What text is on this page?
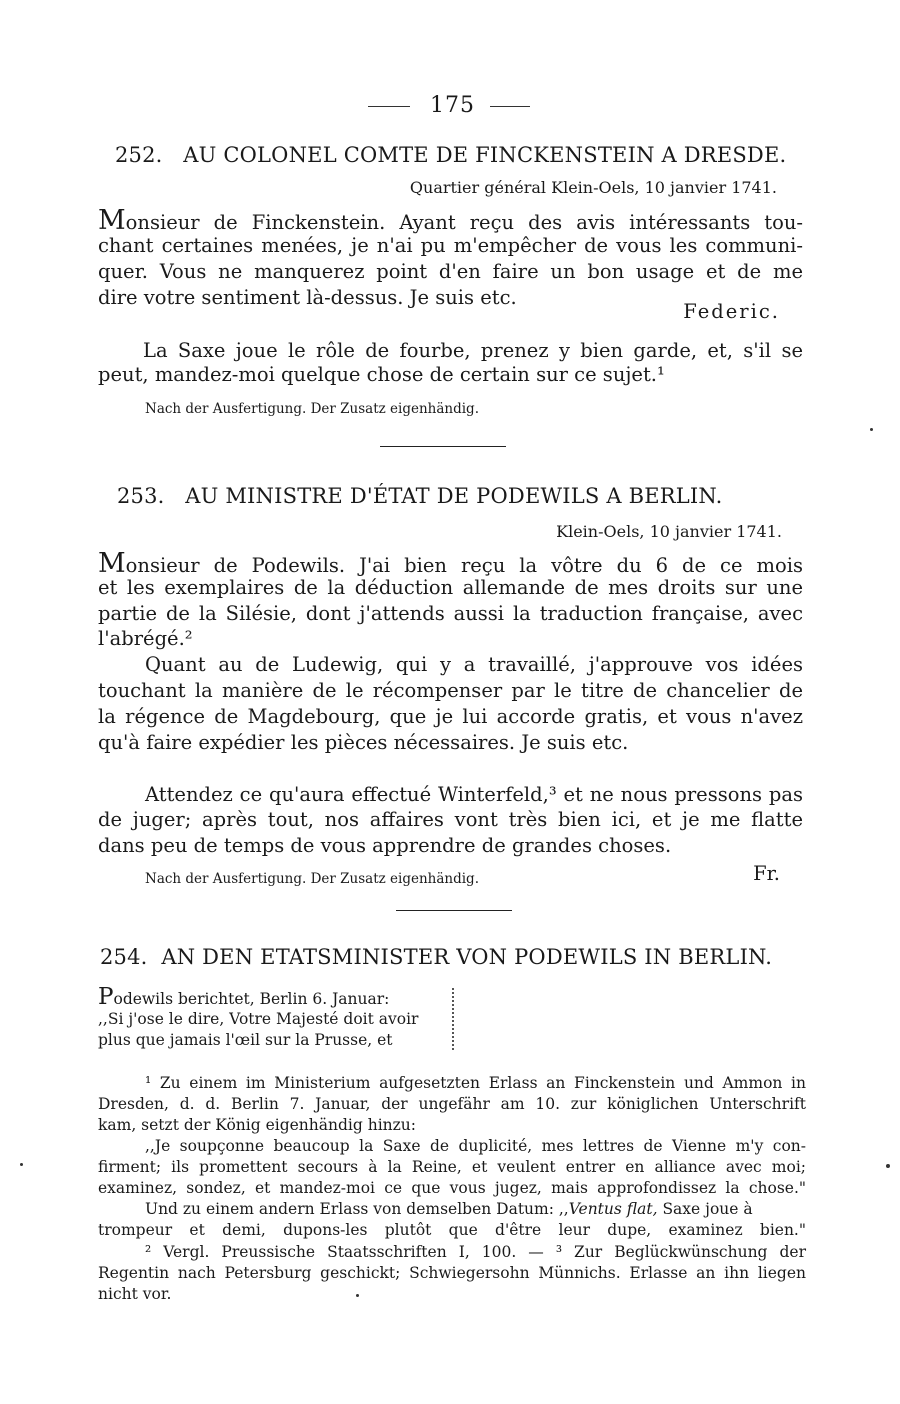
175
252. AU COLONEL COMTE DE FINCKENSTEIN A DRESDE.
Quartier général Klein-Oels, 10 janvier 1741.
Monsieur de Finckenstein. Ayant reçu des avis intéressants tou-
chant certaines menées, je n'ai pu m'empêcher de vous les communi-
quer. Vous ne manquerez point d'en faire un bon usage et de me
dire votre sentiment là-dessus. Je suis etc.
Federic.
La Saxe joue le rôle de fourbe, prenez y bien garde, et, s'il se
peut, mandez-moi quelque chose de certain sur ce sujet.¹
Nach der Ausfertigung. Der Zusatz eigenhändig.
253. AU MINISTRE D'ÉTAT DE PODEWILS A BERLIN.
Klein-Oels, 10 janvier 1741.
Monsieur de Podewils. J'ai bien reçu la vôtre du 6 de ce mois
et les exemplaires de la déduction allemande de mes droits sur une
partie de la Silésie, dont j'attends aussi la traduction française, avec
l'abrégé.²
Quant au de Ludewig, qui y a travaillé, j'approuve vos idées
touchant la manière de le récompenser par le titre de chancelier de
la régence de Magdebourg, que je lui accorde gratis, et vous n'avez
qu'à faire expédier les pièces nécessaires. Je suis etc.
Attendez ce qu'aura effectué Winterfeld,³ et ne nous pressons pas
de juger; après tout, nos affaires vont très bien ici, et je me flatte
dans peu de temps de vous apprendre de grandes choses.
Fr.
Nach der Ausfertigung. Der Zusatz eigenhändig.
254. AN DEN ETATSMINISTER VON PODEWILS IN BERLIN.
Podewils berichtet, Berlin 6. Januar:
,,Si j'ose le dire, Votre Majesté doit avoir
plus que jamais l'œil sur la Prusse, et
¹ Zu einem im Ministerium aufgesetzten Erlass an Finckenstein und Ammon in
Dresden, d. d. Berlin 7. Januar, der ungefähr am 10. zur königlichen Unterschrift
kam, setzt der König eigenhändig hinzu:
,,Je soupçonne beaucoup la Saxe de duplicité, mes lettres de Vienne m'y con-
firment; ils promettent secours à la Reine, et veulent entrer en alliance avec moi;
examinez, sondez, et mandez-moi ce que vous jugez, mais approfondissez la chose."
Und zu einem andern Erlass von demselben Datum: ,,Ventus flat, Saxe joue à
trompeur et demi, dupons-les plutôt que d'être leur dupe, examinez bien."
² Vergl. Preussische Staatsschriften I, 100. — ³ Zur Beglückwünschung der
Regentin nach Petersburg geschickt; Schwiegersohn Münnichs. Erlasse an ihn liegen
nicht vor.
